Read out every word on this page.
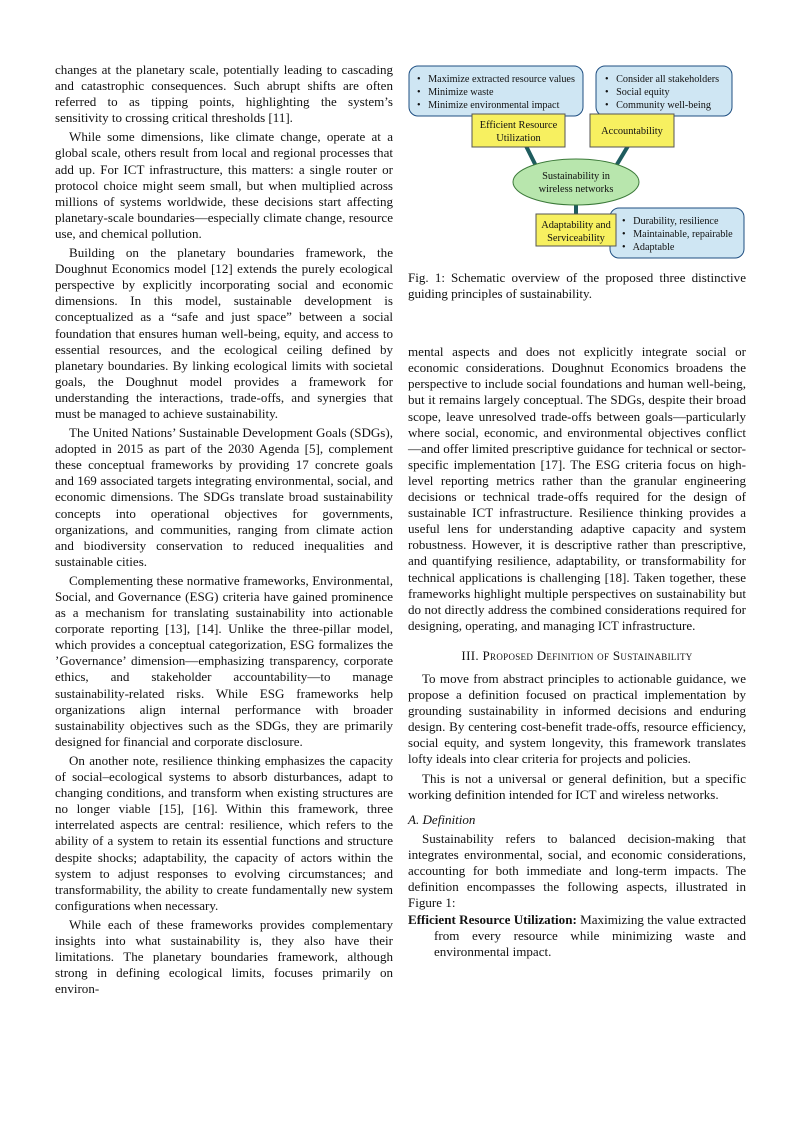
changes at the planetary scale, potentially leading to cascading and catastrophic consequences. Such abrupt shifts are often referred to as tipping points, highlighting the system’s sensitivity to crossing critical thresholds [11].

While some dimensions, like climate change, operate at a global scale, others result from local and regional processes that add up. For ICT infrastructure, this matters: a single router or protocol choice might seem small, but when multiplied across millions of systems worldwide, these decisions start affecting planetary-scale boundaries—especially climate change, resource use, and chemical pollution.

Building on the planetary boundaries framework, the Doughnut Economics model [12] extends the purely ecological perspective by explicitly incorporating social and economic dimensions. In this model, sustainable development is conceptualized as a “safe and just space” between a social foundation that ensures human well-being, equity, and access to essential resources, and the ecological ceiling defined by planetary boundaries. By linking ecological limits with societal goals, the Doughnut model provides a framework for understanding the interactions, trade-offs, and synergies that must be managed to achieve sustainability.

The United Nations’ Sustainable Development Goals (SDGs), adopted in 2015 as part of the 2030 Agenda [5], complement these conceptual frameworks by providing 17 concrete goals and 169 associated targets integrating environmental, social, and economic dimensions. The SDGs translate broad sustainability concepts into operational objectives for governments, organizations, and communities, ranging from climate action and biodiversity conservation to reduced inequalities and sustainable cities.

Complementing these normative frameworks, Environmental, Social, and Governance (ESG) criteria have gained prominence as a mechanism for translating sustainability into actionable corporate reporting [13], [14]. Unlike the three-pillar model, which provides a conceptual categorization, ESG formalizes the ’Governance’ dimension—emphasizing transparency, corporate ethics, and stakeholder accountability—to manage sustainability-related risks. While ESG frameworks help organizations align internal performance with broader sustainability objectives such as the SDGs, they are primarily designed for financial and corporate disclosure.

On another note, resilience thinking emphasizes the capacity of social–ecological systems to absorb disturbances, adapt to changing conditions, and transform when existing structures are no longer viable [15], [16]. Within this framework, three interrelated aspects are central: resilience, which refers to the ability of a system to retain its essential functions and structure despite shocks; adaptability, the capacity of actors within the system to adjust responses to evolving circumstances; and transformability, the ability to create fundamentally new system configurations when necessary.

While each of these frameworks provides complementary insights into what sustainability is, they also have their limitations. The planetary boundaries framework, although strong in defining ecological limits, focuses primarily on environ-

• Maximize extracted resource values
• Minimize waste
• Minimize environmental impact
• Consider all stakeholders
• Social equity
• Community well-being
Efficient Resource
Utilization
Accountability
Sustainability in
wireless networks
• Durability, resilience
• Maintainable, repairable
• Adaptable
Adaptability and
Serviceability

Fig. 1: Schematic overview of the proposed three distinctive guiding principles of sustainability.

mental aspects and does not explicitly integrate social or economic considerations. Doughnut Economics broadens the perspective to include social foundations and human well-being, but it remains largely conceptual. The SDGs, despite their broad scope, leave unresolved trade-offs between goals—particularly where social, economic, and environmental objectives conflict—and offer limited prescriptive guidance for technical or sector-specific implementation [17]. The ESG criteria focus on high-level reporting metrics rather than the granular engineering decisions or technical trade-offs required for the design of sustainable ICT infrastructure. Resilience thinking provides a useful lens for understanding adaptive capacity and system robustness. However, it is descriptive rather than prescriptive, and quantifying resilience, adaptability, or transformability for technical applications is challenging [18]. Taken together, these frameworks highlight multiple perspectives on sustainability but do not directly address the combined considerations required for designing, operating, and managing ICT infrastructure.

III. Proposed Definition of Sustainability

To move from abstract principles to actionable guidance, we propose a definition focused on practical implementation by grounding sustainability in informed decisions and enduring design. By centering cost-benefit trade-offs, resource efficiency, social equity, and system longevity, this framework translates lofty ideals into clear criteria for projects and policies.

This is not a universal or general definition, but a specific working definition intended for ICT and wireless networks.

A. Definition

Sustainability refers to balanced decision-making that integrates environmental, social, and economic considerations, accounting for both immediate and long-term impacts. The definition encompasses the following aspects, illustrated in Figure 1:

Efficient Resource Utilization: Maximizing the value extracted from every resource while minimizing waste and environmental impact.
